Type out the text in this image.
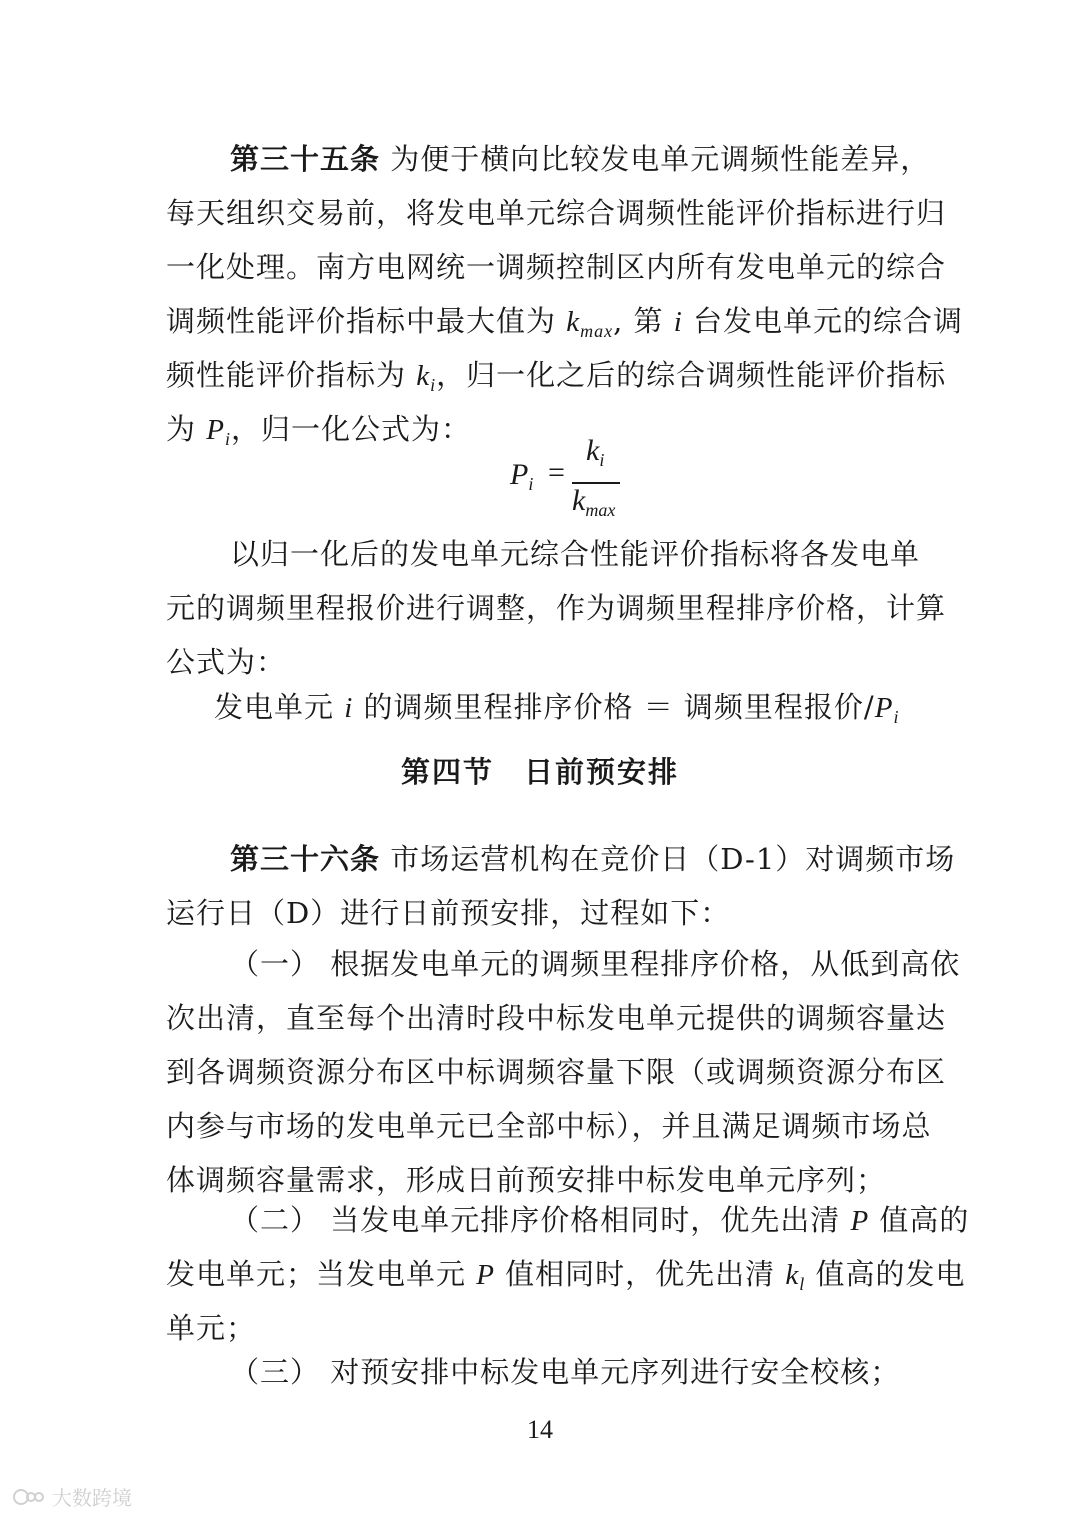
第三十五条 为便于横向比较发电单元调频性能差异，
每天组织交易前，将发电单元综合调频性能评价指标进行归
一化处理。南方电网统一调频控制区内所有发电单元的综合
调频性能评价指标中最大值为 $k_{max}$, 第 i 台发电单元的综合调
频性能评价指标为 $k_i$，归一化之后的综合调频性能评价指标
为 $P_i$，归一化公式为：
$P_i$ =
$k_i$
$k_{max}$
以归一化后的发电单元综合性能评价指标将各发电单
元的调频里程报价进行调整，作为调频里程排序价格，计算
公式为：
发电单元 i 的调频里程排序价格 ＝ 调频里程报价$/P_i$
第四节 日前预安排
第三十六条 市场运营机构在竞价日（D-1）对调频市场
运行日（D）进行日前预安排，过程如下：
（一） 根据发电单元的调频里程排序价格，从低到高依
次出清，直至每个出清时段中标发电单元提供的调频容量达
到各调频资源分布区中标调频容量下限（或调频资源分布区
内参与市场的发电单元已全部中标），并且满足调频市场总
体调频容量需求，形成日前预安排中标发电单元序列；
（二） 当发电单元排序价格相同时，优先出清 P 值高的
发电单元；当发电单元 P 值相同时，优先出清 $k_l$ 值高的发电
单元；
（三） 对预安排中标发电单元序列进行安全校核；
14
大数跨境
